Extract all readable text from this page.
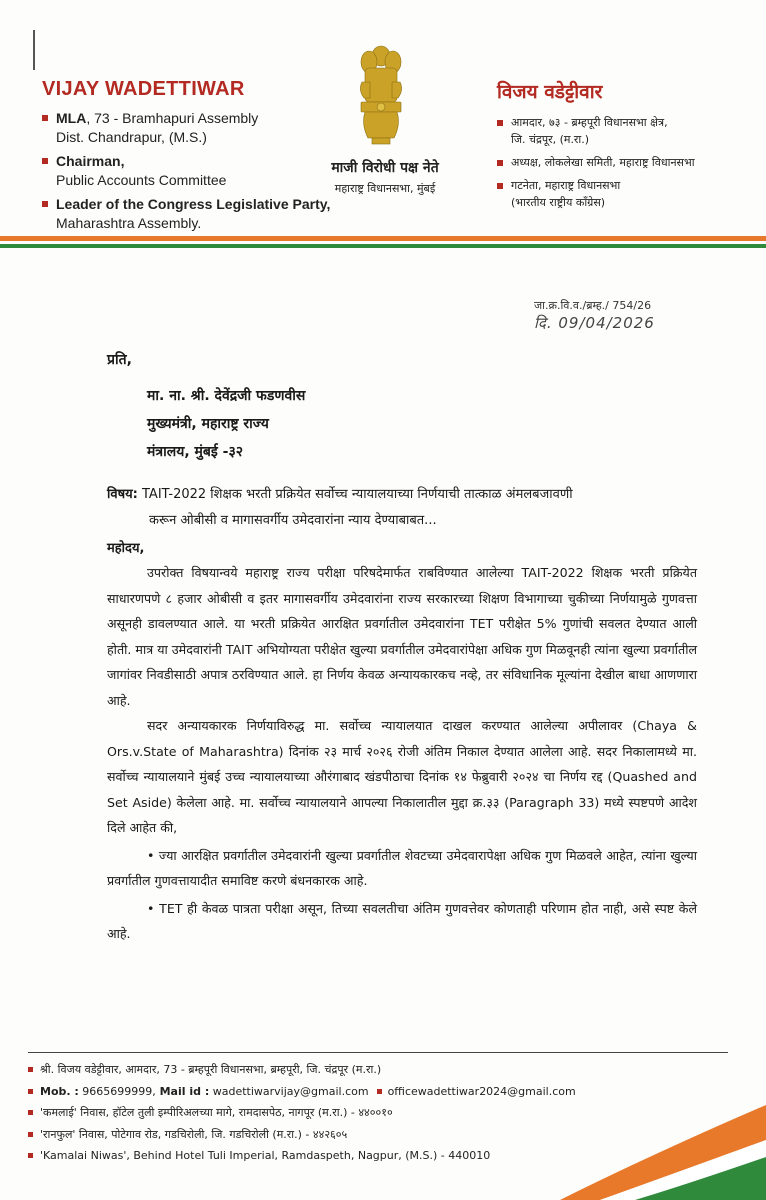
VIJAY WADETTIWAR
MLA, 73 - Bramhapuri Assembly
Dist. Chandrapur, (M.S.)
Chairman,
Public Accounts Committee
Leader of the Congress Legislative Party,
Maharashtra Assembly.
माजी विरोधी पक्ष नेते
महाराष्ट्र विधानसभा, मुंबई
विजय वडेट्टीवार
आमदार, ७३ - ब्रम्हपूरी विधानसभा क्षेत्र,
जि. चंद्रपूर, (म.रा.)
अध्यक्ष, लोकलेखा समिती, महाराष्ट्र विधानसभा
गटनेता, महाराष्ट्र विधानसभा
(भारतीय राष्ट्रीय काँग्रेस)
जा.क्र.वि.व./ब्रम्ह./ 754/26
दि. 09/04/2026
प्रति,
मा. ना. श्री. देवेंद्रजी फडणवीस
मुख्यमंत्री, महाराष्ट्र राज्य
मंत्रालय, मुंबई -३२
विषय: TAIT-2022 शिक्षक भरती प्रक्रियेत सर्वोच्च न्यायालयाच्या निर्णयाची तात्काळ अंमलबजावणी
करून ओबीसी व मागासवर्गीय उमेदवारांना न्याय देण्याबाबत...
महोदय,

उपरोक्त विषयान्वये महाराष्ट्र राज्य परीक्षा परिषदेमार्फत राबविण्यात आलेल्या TAIT-2022 शिक्षक भरती प्रक्रियेत साधारणपणे ८ हजार ओबीसी व इतर मागासवर्गीय उमेदवारांना राज्य सरकारच्या शिक्षण विभागाच्या चुकीच्या निर्णयामुळे गुणवत्ता असूनही डावलण्यात आले. या भरती प्रक्रियेत आरक्षित प्रवर्गातील उमेदवारांना TET परीक्षेत 5% गुणांची सवलत देण्यात आली होती. मात्र या उमेदवारांनी TAIT अभियोग्यता परीक्षेत खुल्या प्रवर्गातील उमेदवारांपेक्षा अधिक गुण मिळवूनही त्यांना खुल्या प्रवर्गातील जागांवर निवडीसाठी अपात्र ठरविण्यात आले. हा निर्णय केवळ अन्यायकारकच नव्हे, तर संविधानिक मूल्यांना देखील बाधा आणणारा आहे.

सदर अन्यायकारक निर्णयाविरुद्ध मा. सर्वोच्च न्यायालयात दाखल करण्यात आलेल्या अपीलावर (Chaya & Ors.v.State of Maharashtra) दिनांक २३ मार्च २०२६ रोजी अंतिम निकाल देण्यात आलेला आहे. सदर निकालामध्ये मा. सर्वोच्च न्यायालयाने मुंबई उच्च न्यायालयाच्या औरंगाबाद खंडपीठाचा दिनांक १४ फेब्रुवारी २०२४ चा निर्णय रद्द (Quashed and Set Aside) केलेला आहे. मा. सर्वोच्च न्यायालयाने आपल्या निकालातील मुद्दा क्र.३३ (Paragraph 33) मध्ये स्पष्टपणे आदेश दिले आहेत की,

• ज्या आरक्षित प्रवर्गातील उमेदवारांनी खुल्या प्रवर्गातील शेवटच्या उमेदवारापेक्षा अधिक गुण मिळवले आहेत, त्यांना खुल्या प्रवर्गातील गुणवत्तायादीत समाविष्ट करणे बंधनकारक आहे.

• TET ही केवळ पात्रता परीक्षा असून, तिच्या सवलतीचा अंतिम गुणवत्तेवर कोणताही परिणाम होत नाही, असे स्पष्ट केले आहे.

श्री. विजय वडेट्टीवार, आमदार, 73 - ब्रम्हपूरी विधानसभा, ब्रम्हपूरी, जि. चंद्रपूर (म.रा.)
Mob. : 9665699999, Mail id : wadettiwarvijay@gmail.com officewadettiwar2024@gmail.com
'कमलाई' निवास, हॉटेल तुली इम्पीरिअलच्या मागे, रामदासपेठ, नागपूर (म.रा.) - ४४००१०
'रानफुल' निवास, पोटेगाव रोड, गडचिरोली, जि. गडचिरोली (म.रा.) - ४४२६०५
'Kamalai Niwas', Behind Hotel Tuli Imperial, Ramdaspeth, Nagpur, (M.S.) - 440010
